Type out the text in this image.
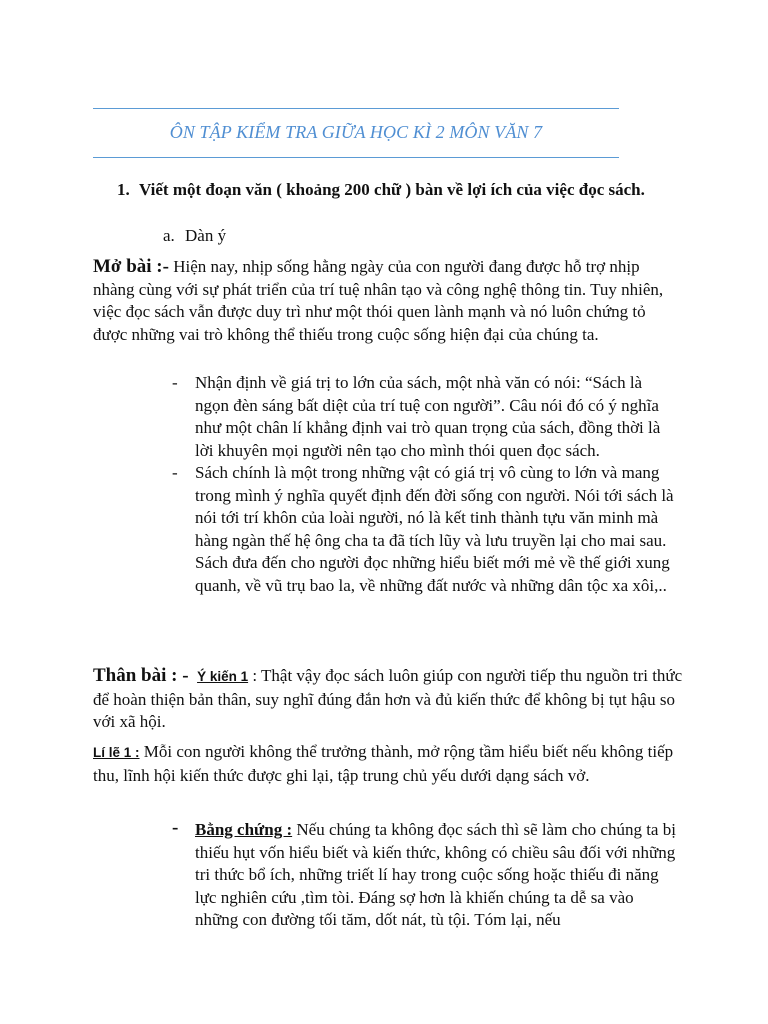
ÔN TẬP KIỂM TRA GIỮA HỌC KÌ 2 MÔN VĂN 7
1. Viết một đoạn văn ( khoảng 200 chữ ) bàn về lợi ích của việc đọc sách.
a. Dàn ý
Mở bài :- Hiện nay, nhịp sống hằng ngày của con người đang được hỗ trợ nhịp nhàng cùng với sự phát triển của trí tuệ nhân tạo và công nghệ thông tin. Tuy nhiên, việc đọc sách vẫn được duy trì như một thói quen lành mạnh và nó luôn chứng tỏ được những vai trò không thể thiếu trong cuộc sống hiện đại của chúng ta.
- Nhận định về giá trị to lớn của sách, một nhà văn có nói: “Sách là ngọn đèn sáng bất diệt của trí tuệ con người”. Câu nói đó có ý nghĩa như một chân lí khẳng định vai trò quan trọng của sách, đồng thời là lời khuyên mọi người nên tạo cho mình thói quen đọc sách.
- Sách chính là một trong những vật có giá trị vô cùng to lớn và mang trong mình ý nghĩa quyết định đến đời sống con người. Nói tới sách là nói tới trí khôn của loài người, nó là kết tinh thành tựu văn minh mà hàng ngàn thế hệ ông cha ta đã tích lũy và lưu truyền lại cho mai sau. Sách đưa đến cho người đọc những hiểu biết mới mẻ về thế giới xung quanh, về vũ trụ bao la, về những đất nước và những dân tộc xa xôi,..
Thân bài : - Ý kiến 1 : Thật vậy đọc sách luôn giúp con người tiếp thu nguồn tri thức để hoàn thiện bản thân, suy nghĩ đúng đắn hơn và đủ kiến thức để không bị tụt hậu so với xã hội.
Lí lẽ 1 : Mỗi con người không thể trưởng thành, mở rộng tầm hiểu biết nếu không tiếp thu, lĩnh hội kiến thức được ghi lại, tập trung chủ yếu dưới dạng sách vở.
- Bằng chứng : Nếu chúng ta không đọc sách thì sẽ làm cho chúng ta bị thiếu hụt vốn hiểu biết và kiến thức, không có chiều sâu đối với những tri thức bổ ích, những triết lí hay trong cuộc sống hoặc thiếu đi năng lực nghiên cứu ,tìm tòi. Đáng sợ hơn là khiến chúng ta dễ sa vào những con đường tối tăm, dốt nát, tù tội. Tóm lại, nếu
